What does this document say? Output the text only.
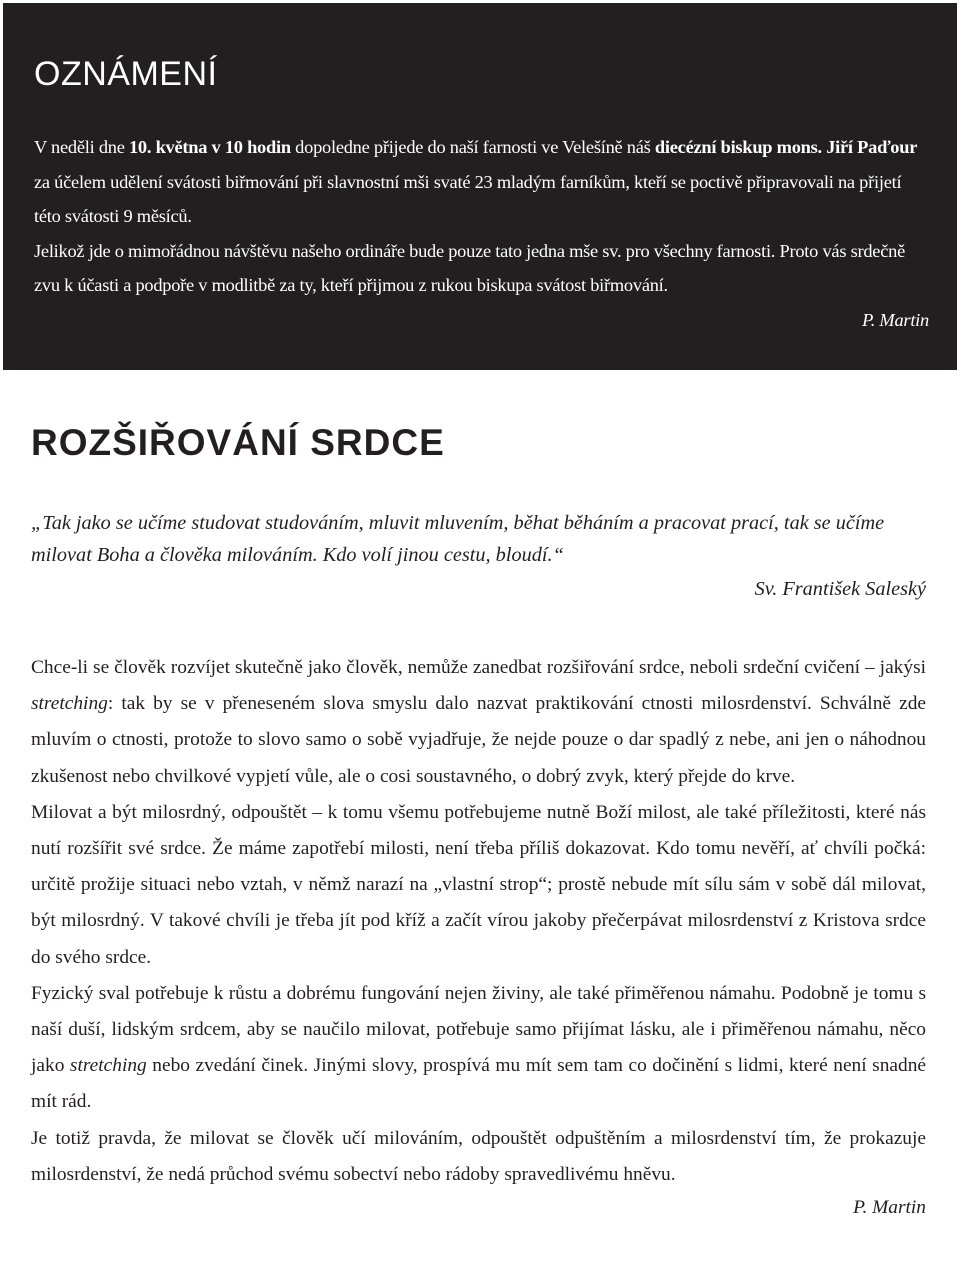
OZNÁMENÍ

V neděli dne 10. května v 10 hodin dopoledne přijede do naší farnosti ve Velešíně náš diecézní biskup mons. Jiří Paďour za účelem udělení svátosti biřmování při slavnostní mši svaté 23 mladým farníkům, kteří se poctivě připravovali na přijetí této svátosti 9 měsíců.

Jelikož jde o mimořádnou návštěvu našeho ordináře bude pouze tato jedna mše sv. pro všechny farnosti. Proto vás srdečně zvu k účasti a podpoře v modlitbě za ty, kteří přijmou z rukou biskupa svátost biřmování.

P. Martin

ROZŠIŘOVÁNÍ SRDCE

„Tak jako se učíme studovat studováním, mluvit mluvením, běhat běháním a pracovat prací, tak se učíme milovat Boha a člověka milováním. Kdo volí jinou cestu, bloudí.“

Sv. František Saleský

Chce-li se člověk rozvíjet skutečně jako člověk, nemůže zanedbat rozšiřování srdce, neboli srdeční cvičení – jakýsi stretching: tak by se v přeneseném slova smyslu dalo nazvat praktikování ctnosti milosrdenství. Schválně zde mluvím o ctnosti, protože to slovo samo o sobě vyjadřuje, že nejde pouze o dar spadlý z nebe, ani jen o náhodnou zkušenost nebo chvilkové vypjetí vůle, ale o cosi soustavného, o dobrý zvyk, který přejde do krve.

Milovat a být milosrdný, odpouštět – k tomu všemu potřebujeme nutně Boží milost, ale také příležitosti, které nás nutí rozšířit své srdce. Že máme zapotřebí milosti, není třeba příliš dokazovat. Kdo tomu nevěří, ať chvíli počká: určitě prožije situaci nebo vztah, v němž narazí na „vlastní strop“; prostě nebude mít sílu sám v sobě dál milovat, být milosrdný. V takové chvíli je třeba jít pod kříž a začít vírou jakoby přečerpávat milosrdenství z Kristova srdce do svého srdce.

Fyzický sval potřebuje k růstu a dobrému fungování nejen živiny, ale také přiměřenou námahu. Podobně je tomu s naší duší, lidským srdcem, aby se naučilo milovat, potřebuje samo přijímat lásku, ale i přiměřenou námahu, něco jako stretching nebo zvedání činek. Jinými slovy, prospívá mu mít sem tam co dočinění s lidmi, které není snadné mít rád.

Je totiž pravda, že milovat se člověk učí milováním, odpouštět odpuštěním a milosrdenství tím, že prokazuje milosrdenství, že nedá průchod svému sobectví nebo rádoby spravedlivému hněvu.

P. Martin
